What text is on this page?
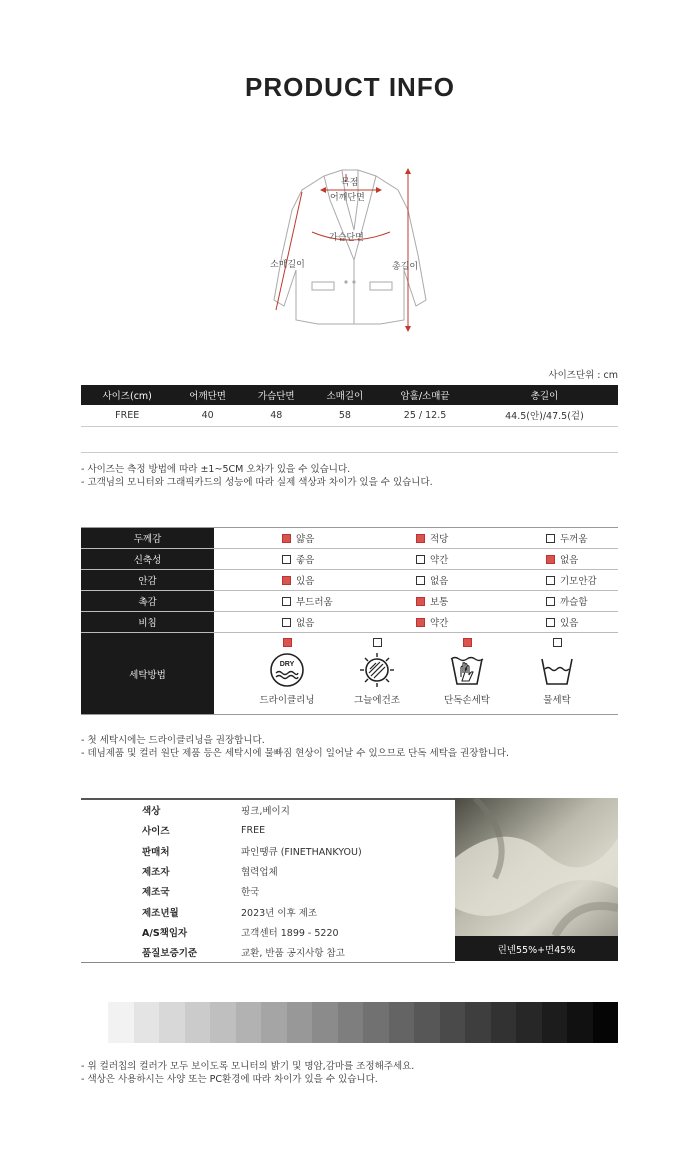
PRODUCT INFO
목점
어깨단면
가슴단면
소매길이	총길이
사이즈단위 : cm
사이즈(cm)	어깨단면	가슴단면	소매길이	암홀/소매끝	총길이
FREE	40	48	58	25 / 12.5	44.5(안)/47.5(겉)

- 사이즈는 측정 방법에 따라 ±1~5CM 오차가 있을 수 있습니다.
- 고객님의 모니터와 그래픽카드의 성능에 따라 실제 색상과 차이가 있을 수 있습니다.
두께감	얇음	적당	두꺼움
신축성	좋음	약간	없음
안감	있음	없음	기모안감
촉감	부드러움	보통	까슬함
비침	없음	약간	있음
세탁방법
DRY
드라이클리닝	그늘에건조	단독손세탁	물세탁
- 첫 세탁시에는 드라이클리닝을 권장합니다.
- 데님제품 및 컬러 원단 제품 등은 세탁시에 물빠짐 현상이 일어날 수 있으므로 단독 세탁을 권장합니다.
색상	핑크,베이지
사이즈	FREE
판매처	파인땡큐 (FINETHANKYOU)
제조자	협력업체
제조국	한국
제조년월	2023년 이후 제조
A/S책임자	고객센터 1899 - 5220
품질보증기준	교환, 반품 공지사항 참고	린넨55%+면45%
- 위 컬러칩의 컬러가 모두 보이도록 모니터의 밝기 및 명암,감마를 조정해주세요.
- 색상은 사용하시는 사양 또는 PC환경에 따라 차이가 있을 수 있습니다.
